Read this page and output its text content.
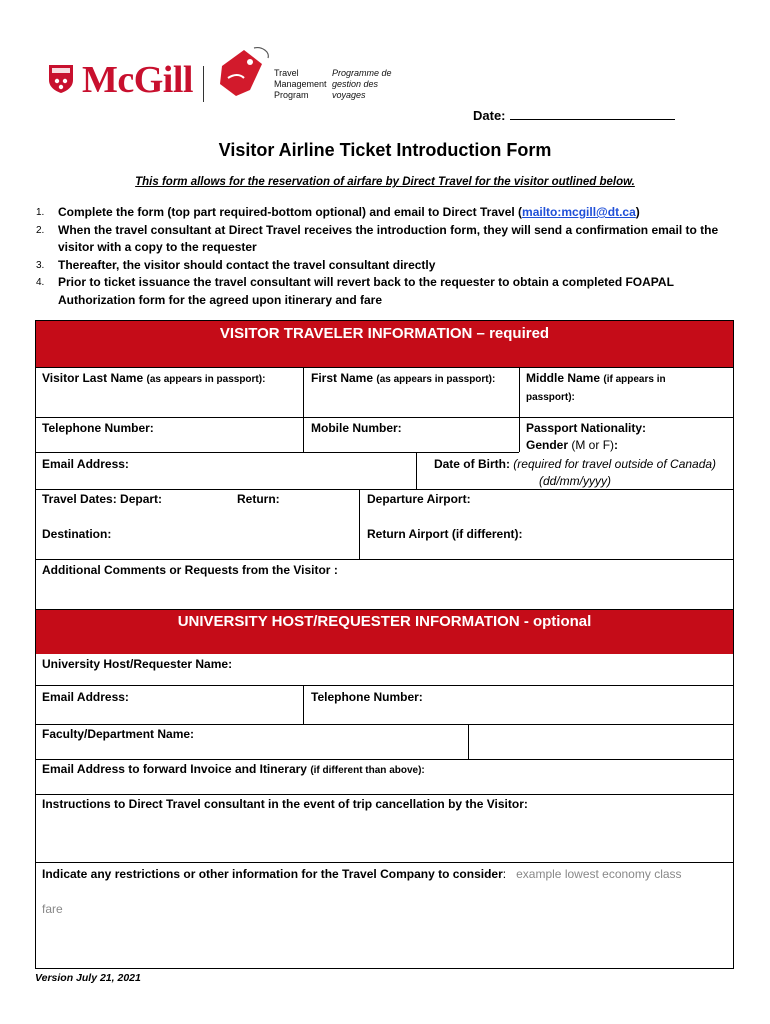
McGill	Travel
Management
Program
Programme de
gestion des
voyages
Date:
Visitor Airline Ticket Introduction Form
This form allows for the reservation of airfare by Direct Travel for the visitor outlined below.
1. Complete the form (top part required-bottom optional) and email to Direct Travel (mailto:mcgill@dt.ca)
2. When the travel consultant at Direct Travel receives the introduction form, they will send a confirmation email to the visitor with a copy to the requester
3. Thereafter, the visitor should contact the travel consultant directly
4. Prior to ticket issuance the travel consultant will revert back to the requester to obtain a completed FOAPAL Authorization form for the agreed upon itinerary and fare
VISITOR TRAVELER INFORMATION – required
Visitor Last Name (as appears in passport):	First Name (as appears in passport):	Middle Name (if appears in
passport):
Telephone Number:	Mobile Number:	Passport Nationality:
Gender (M or F):
Email Address:	Date of Birth: (required for travel outside of Canada)
(dd/mm/yyyy)
Travel Dates: Depart:	Return:	Departure Airport:
Destination:	Return Airport (if different):
Additional Comments or Requests from the Visitor :
UNIVERSITY HOST/REQUESTER INFORMATION - optional
University Host/Requester Name:
Email Address:	Telephone Number:
Faculty/Department Name:
Email Address to forward Invoice and Itinerary (if different than above):
Instructions to Direct Travel consultant in the event of trip cancellation by the Visitor:
Indicate any restrictions or other information for the Travel Company to consider: example lowest economy class
fare
Version July 21, 2021
